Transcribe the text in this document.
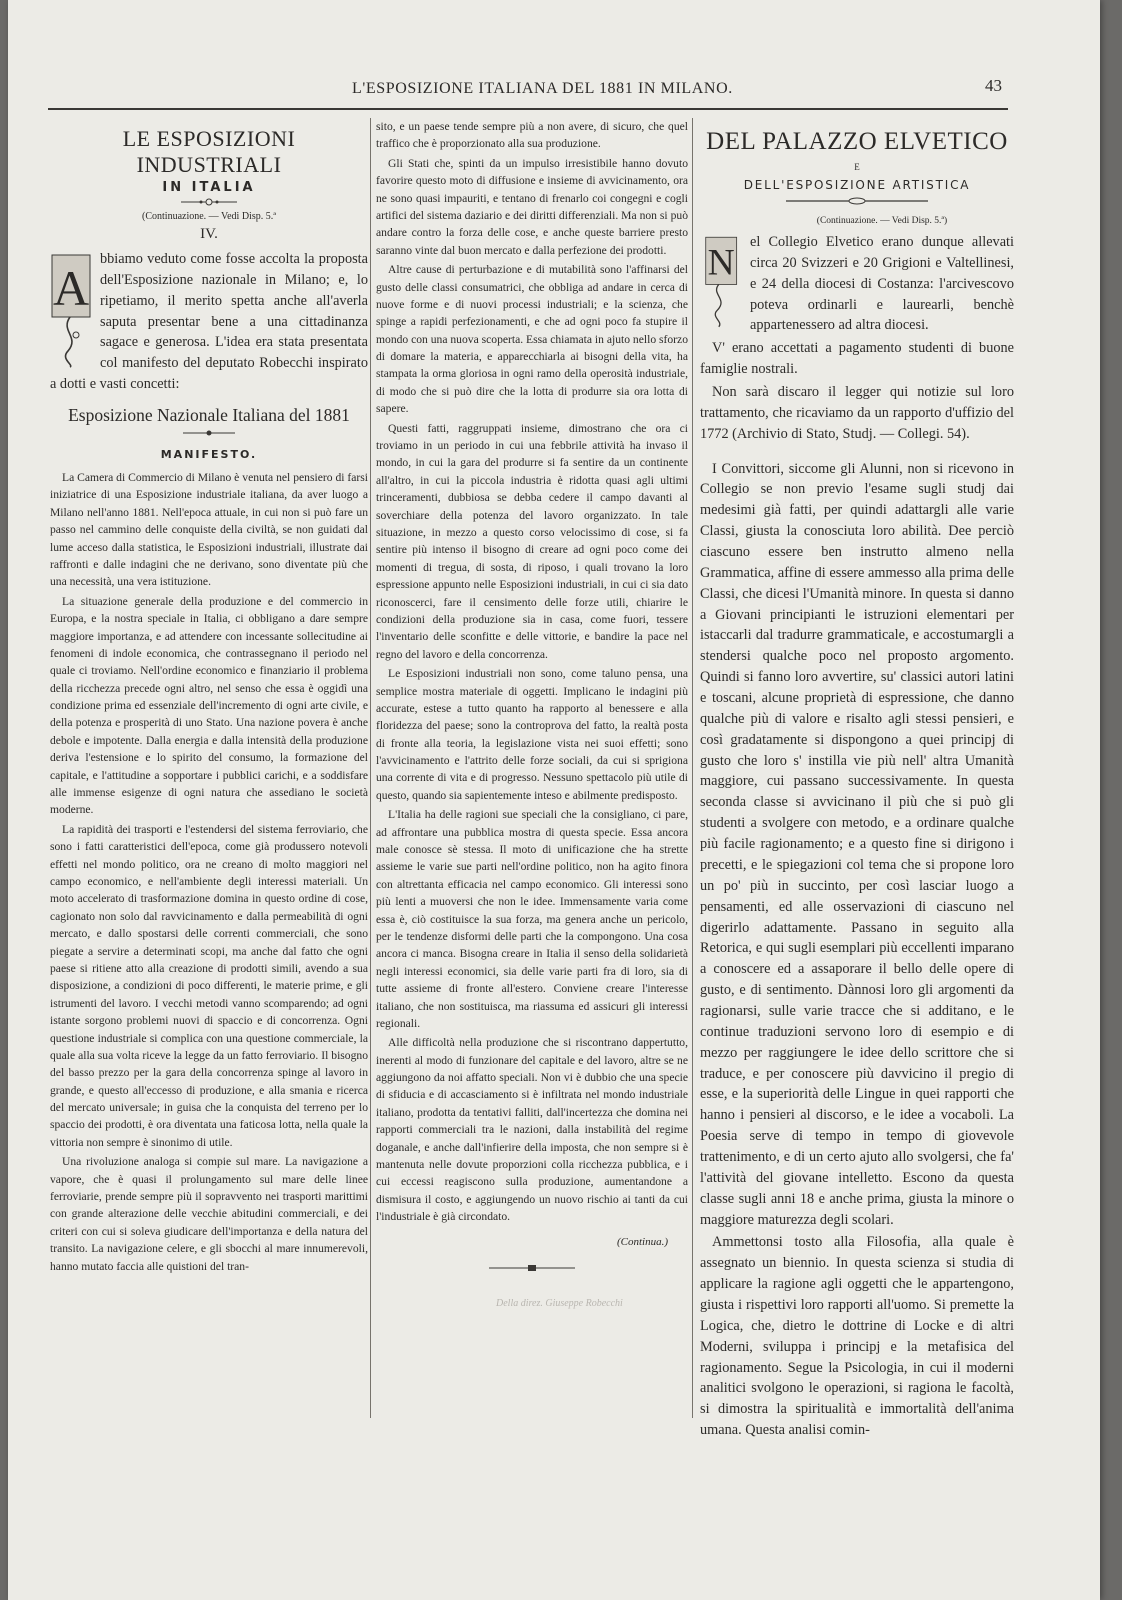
L'ESPOSIZIONE ITALIANA DEL 1881 IN MILANO.	43
LE ESPOSIZIONI INDUSTRIALI
IN ITALIA
(Continuazione. — Vedi Disp. 5.ª
IV.
A

bbiamo veduto come fosse accolta la proposta dell'Esposizione nazionale in Milano; e, lo ripetiamo, il merito spetta anche all'averla saputa presentar bene a una cittadinanza sagace e generosa. L'idea era stata presentata col manifesto del deputato Robecchi inspirato a dotti e vasti concetti:

Esposizione Nazionale Italiana del 1881
MANIFESTO.

La Camera di Commercio di Milano è venuta nel pensiero di farsi iniziatrice di una Esposizione industriale italiana, da aver luogo a Milano nell'anno 1881. Nell'epoca attuale, in cui non si può fare un passo nel cammino delle conquiste della civiltà, se non guidati dal lume acceso dalla statistica, le Esposizioni industriali, illustrate dai raffronti e dalle indagini che ne derivano, sono diventate più che una necessità, una vera istituzione.

La situazione generale della produzione e del commercio in Europa, e la nostra speciale in Italia, ci obbligano a dare sempre maggiore importanza, e ad attendere con incessante sollecitudine ai fenomeni di indole economica, che contrassegnano il periodo nel quale ci troviamo. Nell'ordine economico e finanziario il problema della ricchezza precede ogni altro, nel senso che essa è oggidì una condizione prima ed essenziale dell'incremento di ogni arte civile, e della potenza e prosperità di uno Stato. Una nazione povera è anche debole e impotente. Dalla energia e dalla intensità della produzione deriva l'estensione e lo spirito del consumo, la formazione del capitale, e l'attitudine a sopportare i pubblici carichi, e a soddisfare alle immense esigenze di ogni natura che assediano le società moderne.

La rapidità dei trasporti e l'estendersi del sistema ferroviario, che sono i fatti caratteristici dell'epoca, come già produssero notevoli effetti nel mondo politico, ora ne creano di molto maggiori nel campo economico, e nell'ambiente degli interessi materiali. Un moto accelerato di trasformazione domina in questo ordine di cose, cagionato non solo dal ravvicinamento e dalla permeabilità di ogni mercato, e dallo spostarsi delle correnti commerciali, che sono piegate a servire a determinati scopi, ma anche dal fatto che ogni paese si ritiene atto alla creazione di prodotti simili, avendo a sua disposizione, a condizioni di poco differenti, le materie prime, e gli istrumenti del lavoro. I vecchi metodi vanno scomparendo; ad ogni istante sorgono problemi nuovi di spaccio e di concorrenza. Ogni questione industriale si complica con una questione commerciale, la quale alla sua volta riceve la legge da un fatto ferroviario. Il bisogno del basso prezzo per la gara della concorrenza spinge al lavoro in grande, e questo all'eccesso di produzione, e alla smania e ricerca del mercato universale; in guisa che la conquista del terreno per lo spaccio dei prodotti, è ora diventata una faticosa lotta, nella quale la vittoria non sempre è sinonimo di utile.

Una rivoluzione analoga si compie sul mare. La navigazione a vapore, che è quasi il prolungamento sul mare delle linee ferroviarie, prende sempre più il sopravvento nei trasporti marittimi con grande alterazione delle vecchie abitudini commerciali, e dei criteri con cui si soleva giudicare dell'importanza e della natura del transito. La navigazione celere, e gli sbocchi al mare innumerevoli, hanno mutato faccia alle quistioni del tran-

sito, e un paese tende sempre più a non avere, di sicuro, che quel traffico che è proporzionato alla sua produzione.

Gli Stati che, spinti da un impulso irresistibile hanno dovuto favorire questo moto di diffusione e insieme di avvicinamento, ora ne sono quasi impauriti, e tentano di frenarlo coi congegni e cogli artifici del sistema daziario e dei diritti differenziali. Ma non si può andare contro la forza delle cose, e anche queste barriere presto saranno vinte dal buon mercato e dalla perfezione dei prodotti.

Altre cause di perturbazione e di mutabilità sono l'affinarsi del gusto delle classi consumatrici, che obbliga ad andare in cerca di nuove forme e di nuovi processi industriali; e la scienza, che spinge a rapidi perfezionamenti, e che ad ogni poco fa stupire il mondo con una nuova scoperta. Essa chiamata in ajuto nello sforzo di domare la materia, e apparecchiarla ai bisogni della vita, ha stampata la orma gloriosa in ogni ramo della operosità industriale, di modo che si può dire che la lotta di produrre sia ora lotta di sapere.

Questi fatti, raggruppati insieme, dimostrano che ora ci troviamo in un periodo in cui una febbrile attività ha invaso il mondo, in cui la gara del produrre si fa sentire da un continente all'altro, in cui la piccola industria è ridotta quasi agli ultimi trinceramenti, dubbiosa se debba cedere il campo davanti al soverchiare della potenza del lavoro organizzato. In tale situazione, in mezzo a questo corso velocissimo di cose, si fa sentire più intenso il bisogno di creare ad ogni poco come dei momenti di tregua, di sosta, di riposo, i quali trovano la loro espressione appunto nelle Esposizioni industriali, in cui ci sia dato riconoscerci, fare il censimento delle forze utili, chiarire le condizioni della produzione sia in casa, come fuori, tessere l'inventario delle sconfitte e delle vittorie, e bandire la pace nel regno del lavoro e della concorrenza.

Le Esposizioni industriali non sono, come taluno pensa, una semplice mostra materiale di oggetti. Implicano le indagini più accurate, estese a tutto quanto ha rapporto al benessere e alla floridezza del paese; sono la controprova del fatto, la realtà posta di fronte alla teoria, la legislazione vista nei suoi effetti; sono l'avvicinamento e l'attrito delle forze sociali, da cui si sprigiona una corrente di vita e di progresso. Nessuno spettacolo più utile di questo, quando sia sapientemente inteso e abilmente predisposto.

L'Italia ha delle ragioni sue speciali che la consigliano, ci pare, ad affrontare una pubblica mostra di questa specie. Essa ancora male conosce sè stessa. Il moto di unificazione che ha strette assieme le varie sue parti nell'ordine politico, non ha agito finora con altrettanta efficacia nel campo economico. Gli interessi sono più lenti a muoversi che non le idee. Immensamente varia come essa è, ciò costituisce la sua forza, ma genera anche un pericolo, per le tendenze disformi delle parti che la compongono. Una cosa ancora ci manca. Bisogna creare in Italia il senso della solidarietà negli interessi economici, sia delle varie parti fra di loro, sia di tutte assieme di fronte all'estero. Conviene creare l'interesse italiano, che non sostituisca, ma riassuma ed assicuri gli interessi regionali.

Alle difficoltà nella produzione che si riscontrano dappertutto, inerenti al modo di funzionare del capitale e del lavoro, altre se ne aggiungono da noi affatto speciali. Non vi è dubbio che una specie di sfiducia e di accasciamento si è infiltrata nel mondo industriale italiano, prodotta da tentativi falliti, dall'incertezza che domina nei rapporti commerciali tra le nazioni, dalla instabilità del regime doganale, e anche dall'infierire della imposta, che non sempre si è mantenuta nelle dovute proporzioni colla ricchezza pubblica, e i cui eccessi reagiscono sulla produzione, aumentandone a dismisura il costo, e aggiungendo un nuovo rischio ai tanti da cui l'industriale è già circondato.

(Continua.)
Della direz. Giuseppe Robecchi
DEL PALAZZO ELVETICO
E
DELL'ESPOSIZIONE ARTISTICA
(Continuazione. — Vedi Disp. 5.ª)
N

el Collegio Elvetico erano dunque allevati circa 20 Svizzeri e 20 Grigioni e Valtellinesi, e 24 della diocesi di Costanza: l'arcivescovo poteva ordinarli e laurearli, benchè appartenessero ad altra diocesi.

V' erano accettati a pagamento studenti di buone famiglie nostrali.

Non sarà discaro il legger qui notizie sul loro trattamento, che ricaviamo da un rapporto d'uffizio del 1772 (Archivio di Stato, Studj. — Collegi. 54).

I Convittori, siccome gli Alunni, non si ricevono in Collegio se non previo l'esame sugli studj dai medesimi già fatti, per quindi adattargli alle varie Classi, giusta la conosciuta loro abilità. Dee perciò ciascuno essere ben instrutto almeno nella Grammatica, affine di essere ammesso alla prima delle Classi, che dicesi l'Umanità minore. In questa si danno a Giovani principianti le istruzioni elementari per istaccarli dal tradurre grammaticale, e accostumargli a stendersi qualche poco nel proposto argomento. Quindi si fanno loro avvertire, su' classici autori latini e toscani, alcune proprietà di espressione, che danno qualche più di valore e risalto agli stessi pensieri, e così gradatamente si dispongono a quei principj di gusto che loro s' instilla vie più nell' altra Umanità maggiore, cui passano successivamente. In questa seconda classe si avvicinano il più che si può gli studenti a svolgere con metodo, e a ordinare qualche più facile ragionamento; e a questo fine si dirigono i precetti, e le spiegazioni col tema che si propone loro un po' più in succinto, per così lasciar luogo a pensamenti, ed alle osservazioni di ciascuno nel digerirlo adattamente. Passano in seguito alla Retorica, e qui sugli esemplari più eccellenti imparano a conoscere ed a assaporare il bello delle opere di gusto, e di sentimento. Dànnosi loro gli argomenti da ragionarsi, sulle varie tracce che si additano, e le continue traduzioni servono loro di esempio e di mezzo per raggiungere le idee dello scrittore che si traduce, e per conoscere più davvicino il pregio di esse, e la superiorità delle Lingue in quei rapporti che hanno i pensieri al discorso, e le idee a vocaboli. La Poesia serve di tempo in tempo di giovevole trattenimento, e di un certo ajuto allo svolgersi, che fa' l'attività del giovane intelletto. Escono da questa classe sugli anni 18 e anche prima, giusta la minore o maggiore maturezza degli scolari.

Ammettonsi tosto alla Filosofia, alla quale è assegnato un biennio. In questa scienza si studia di applicare la ragione agli oggetti che le appartengono, giusta i rispettivi loro rapporti all'uomo. Si premette la Logica, che, dietro le dottrine di Locke e di altri Moderni, sviluppa i principj e la metafisica del ragionamento. Segue la Psicologia, in cui il moderni analitici svolgono le operazioni, si ragiona le facoltà, si dimostra la spiritualità e immortalità dell'anima umana. Questa analisi comin-
